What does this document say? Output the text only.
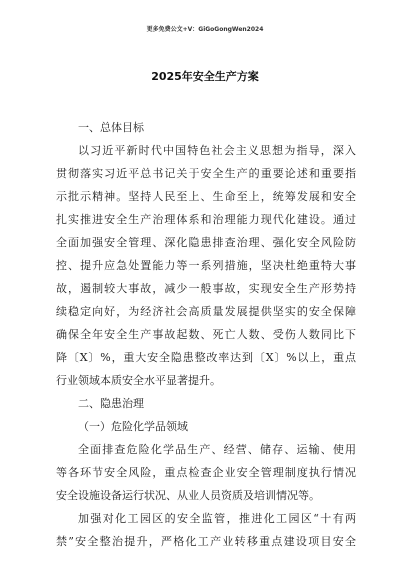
更多免费公文+V：GiGoGongWen2024
2025年安全生产方案
一、总体目标
以习近平新时代中国特色社会主义思想为指导，深入
贯彻落实习近平总书记关于安全生产的重要论述和重要指
示批示精神。坚持人民至上、生命至上，统筹发展和安全
扎实推进安全生产治理体系和治理能力现代化建设。通过
全面加强安全管理、深化隐患排查治理、强化安全风险防
控、提升应急处置能力等一系列措施，坚决杜绝重特大事
故，遏制较大事故，减少一般事故，实现安全生产形势持
续稳定向好，为经济社会高质量发展提供坚实的安全保障
确保全年安全生产事故起数、死亡人数、受伤人数同比下
降〔X〕%，重大安全隐患整改率达到〔X〕%以上，重点
行业领域本质安全水平显著提升。
二、隐患治理
（一）危险化学品领域
全面排查危险化学品生产、经营、储存、运输、使用
等各环节安全风险，重点检查企业安全管理制度执行情况
安全设施设备运行状况、从业人员资质及培训情况等。
加强对化工园区的安全监管，推进化工园区“十有两
禁”安全整治提升，严格化工产业转移重点建设项目安全
